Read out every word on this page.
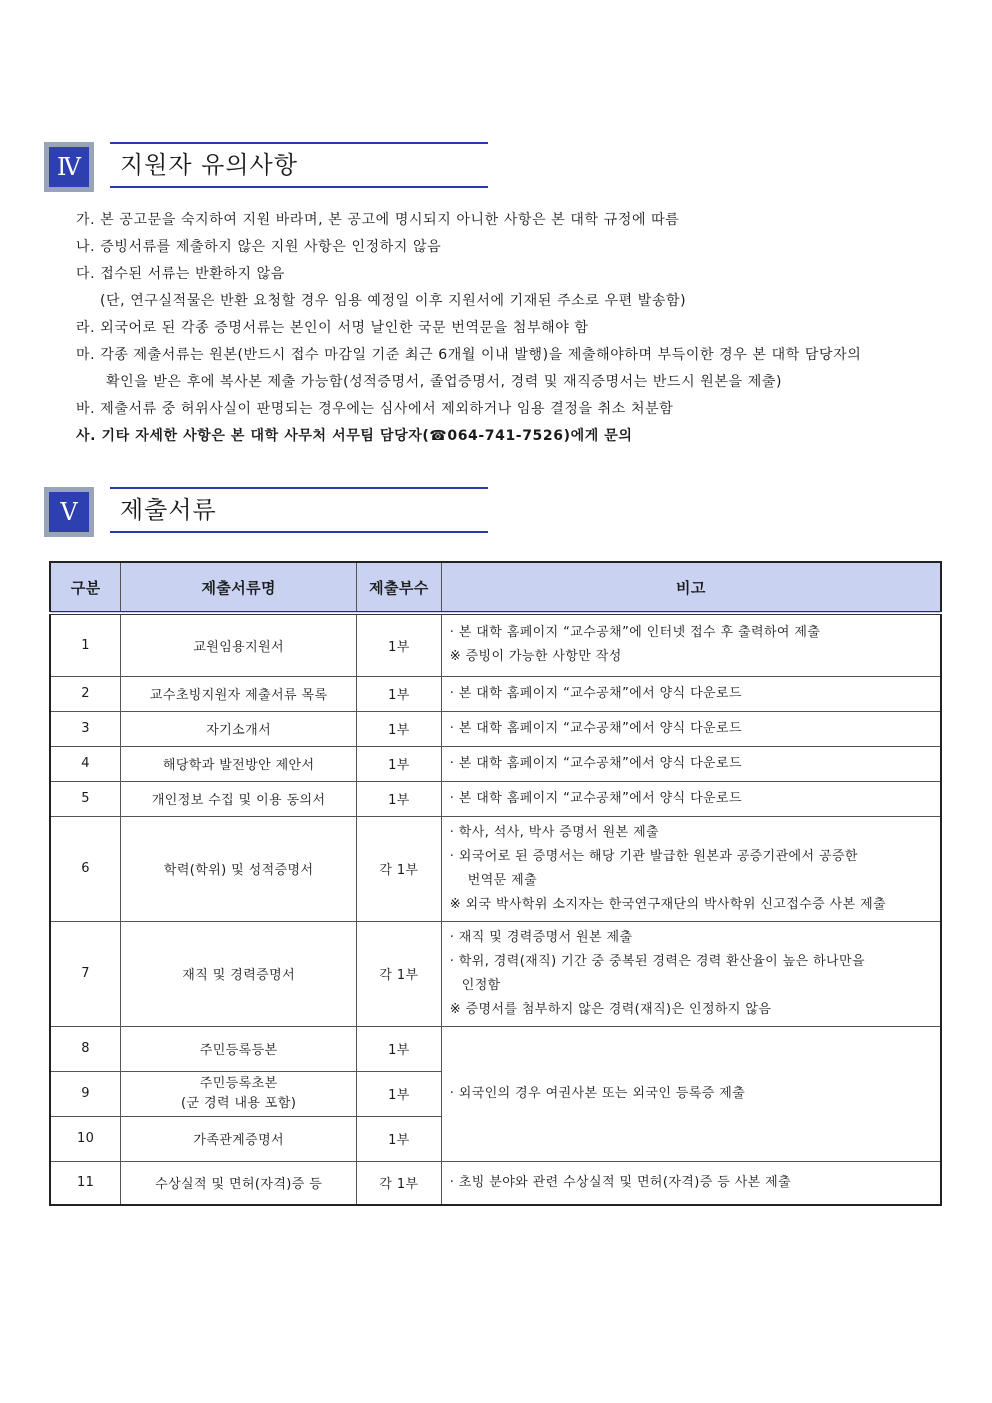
Ⅳ	지원자 유의사항
가. 본 공고문을 숙지하여 지원 바라며, 본 공고에 명시되지 아니한 사항은 본 대학 규정에 따름
나. 증빙서류를 제출하지 않은 지원 사항은 인정하지 않음
다. 접수된 서류는 반환하지 않음
(단, 연구실적물은 반환 요청할 경우 임용 예정일 이후 지원서에 기재된 주소로 우편 발송함)
라. 외국어로 된 각종 증명서류는 본인이 서명 날인한 국문 번역문을 첨부해야 함
마. 각종 제출서류는 원본(반드시 접수 마감일 기준 최근 6개월 이내 발행)을 제출해야하며 부득이한 경우 본 대학 담당자의
확인을 받은 후에 복사본 제출 가능함(성적증명서, 졸업증명서, 경력 및 재직증명서는 반드시 원본을 제출)
바. 제출서류 중 허위사실이 판명되는 경우에는 심사에서 제외하거나 임용 결정을 취소 처분함
사. 기타 자세한 사항은 본 대학 사무처 서무팀 담당자(☎064-741-7526)에게 문의
Ⅴ	제출서류
구분	제출서류명	제출부수	비고
1	교원임용지원서	1부	· 본 대학 홈페이지 “교수공채”에 인터넷 접수 후 출력하여 제출
※ 증빙이 가능한 사항만 작성

2	교수초빙지원자 제출서류 목록	1부	· 본 대학 홈페이지 “교수공채”에서 양식 다운로드

3	자기소개서	1부	· 본 대학 홈페이지 “교수공채”에서 양식 다운로드

4	해당학과 발전방안 제안서	1부	· 본 대학 홈페이지 “교수공채”에서 양식 다운로드

5	개인정보 수집 및 이용 동의서	1부	· 본 대학 홈페이지 “교수공채”에서 양식 다운로드

6	학력(학위) 및 성적증명서	각 1부	· 학사, 석사, 박사 증명서 원본 제출
· 외국어로 된 증명서는 해당 기관 발급한 원본과 공증기관에서 공증한
번역문 제출
※ 외국 박사학위 소지자는 한국연구재단의 박사학위 신고접수증 사본 제출

7	재직 및 경력증명서	각 1부	· 재직 및 경력증명서 원본 제출
· 학위, 경력(재직) 기간 중 중복된 경력은 경력 환산율이 높은 하나만을
인정함
※ 증명서를 첨부하지 않은 경력(재직)은 인정하지 않음

8	주민등록등본	1부	· 외국인의 경우 여권사본 또는 외국인 등록증 제출

9	주민등록초본
(군 경력 내용 포함)	1부	
10	가족관계증명서	1부	
11	수상실적 및 면허(자격)증 등	각 1부	· 초빙 분야와 관련 수상실적 및 면허(자격)증 등 사본 제출
